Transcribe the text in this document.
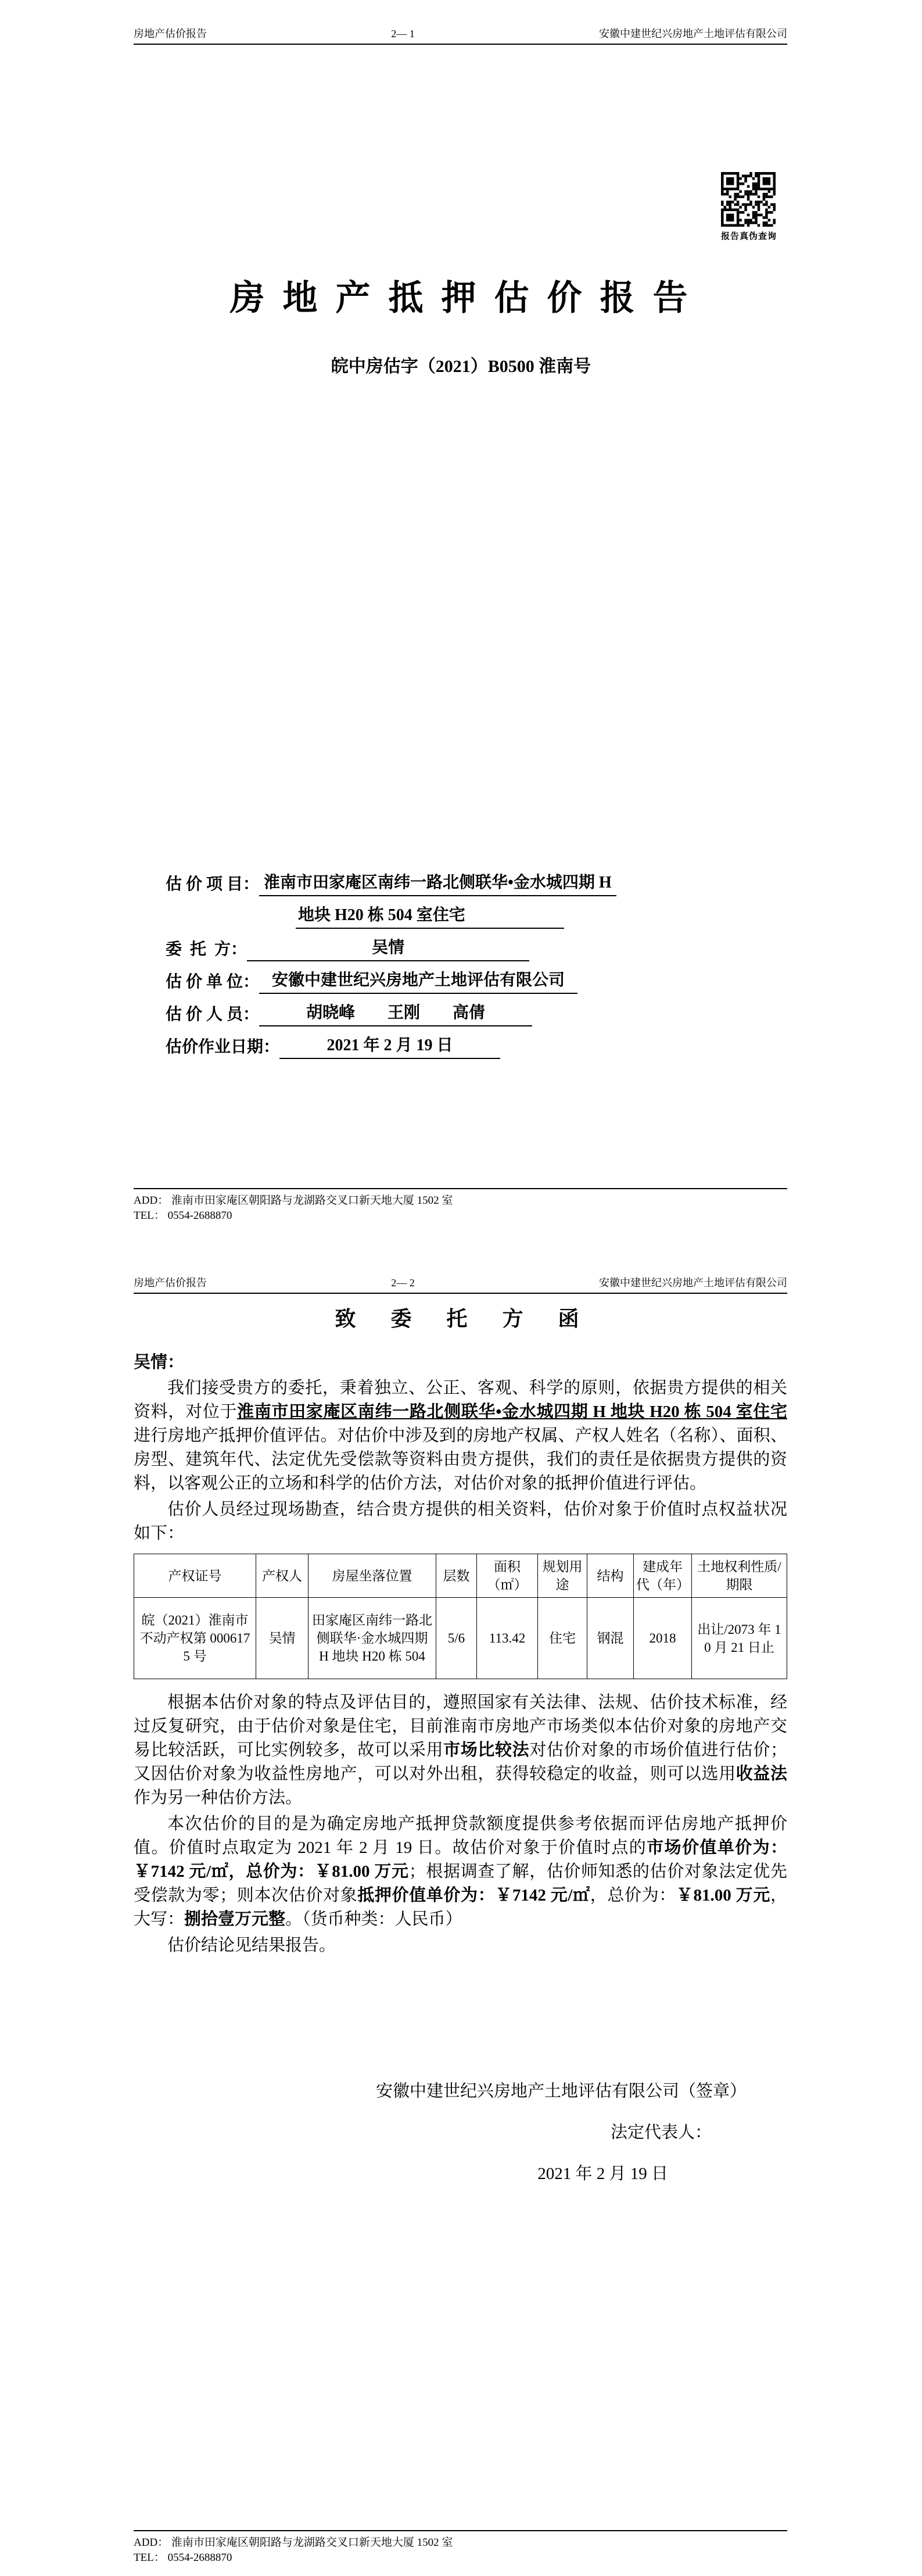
房地产估价报告	2— 1	安徽中建世纪兴房地产土地评估有限公司
报告真伪查询
房 地 产 抵 押 估 价 报 告
皖中房估字（2021）B0500 淮南号
估 价 项 目： 淮南市田家庵区南纬一路北侧联华•金水城四期 H
地块 H20 栋 504 室住宅
委  托  方：	吴情
估 价 单 位： 安徽中建世纪兴房地产土地评估有限公司
估 价 人 员：	胡晓峰　　王刚　　高倩
估价作业日期：	2021 年 2 月 19 日
ADD： 淮南市田家庵区朝阳路与龙湖路交叉口新天地大厦 1502 室
TEL： 0554-2688870
房地产估价报告	2— 2	安徽中建世纪兴房地产土地评估有限公司
致  委  托  方  函
吴情：

我们接受贵方的委托，秉着独立、公正、客观、科学的原则，依据贵方提供的相关资料，对位于淮南市田家庵区南纬一路北侧联华•金水城四期 H 地块 H20 栋 504 室住宅进行房地产抵押价值评估。对估价中涉及到的房地产权属、产权人姓名（名称）、面积、房型、建筑年代、法定优先受偿款等资料由贵方提供，我们的责任是依据贵方提供的资料，以客观公正的立场和科学的估价方法，对估价对象的抵押价值进行评估。

估价人员经过现场勘查，结合贵方提供的相关资料，估价对象于价值时点权益状况如下：

产权证号	产权人	房屋坐落位置	层数	面积（㎡）	规划用途	结构	建成年代（年）	土地权利性质/期限
皖（2021）淮南市不动产权第 0006175 号	吴情	田家庵区南纬一路北侧联华·金水城四期 H 地块 H20 栋 504	5/6	113.42	住宅	钢混	2018	出让/2073 年 10 月 21 日止

根据本估价对象的特点及评估目的，遵照国家有关法律、法规、估价技术标准，经过反复研究，由于估价对象是住宅，目前淮南市房地产市场类似本估价对象的房地产交易比较活跃，可比实例较多，故可以采用市场比较法对估价对象的市场价值进行估价；又因估价对象为收益性房地产，可以对外出租，获得较稳定的收益，则可以选用收益法作为另一种估价方法。

本次估价的目的是为确定房地产抵押贷款额度提供参考依据而评估房地产抵押价值。价值时点取定为 2021 年 2 月 19 日。故估价对象于价值时点的市场价值单价为：￥7142 元/㎡，总价为：￥81.00 万元；根据调查了解，估价师知悉的估价对象法定优先受偿款为零；则本次估价对象抵押价值单价为：￥7142 元/㎡，总价为：￥81.00 万元，大写：捌拾壹万元整。（货币种类：人民币）

估价结论见结果报告。

安徽中建世纪兴房地产土地评估有限公司（签章）
法定代表人：
2021 年 2 月 19 日
ADD： 淮南市田家庵区朝阳路与龙湖路交叉口新天地大厦 1502 室
TEL： 0554-2688870
